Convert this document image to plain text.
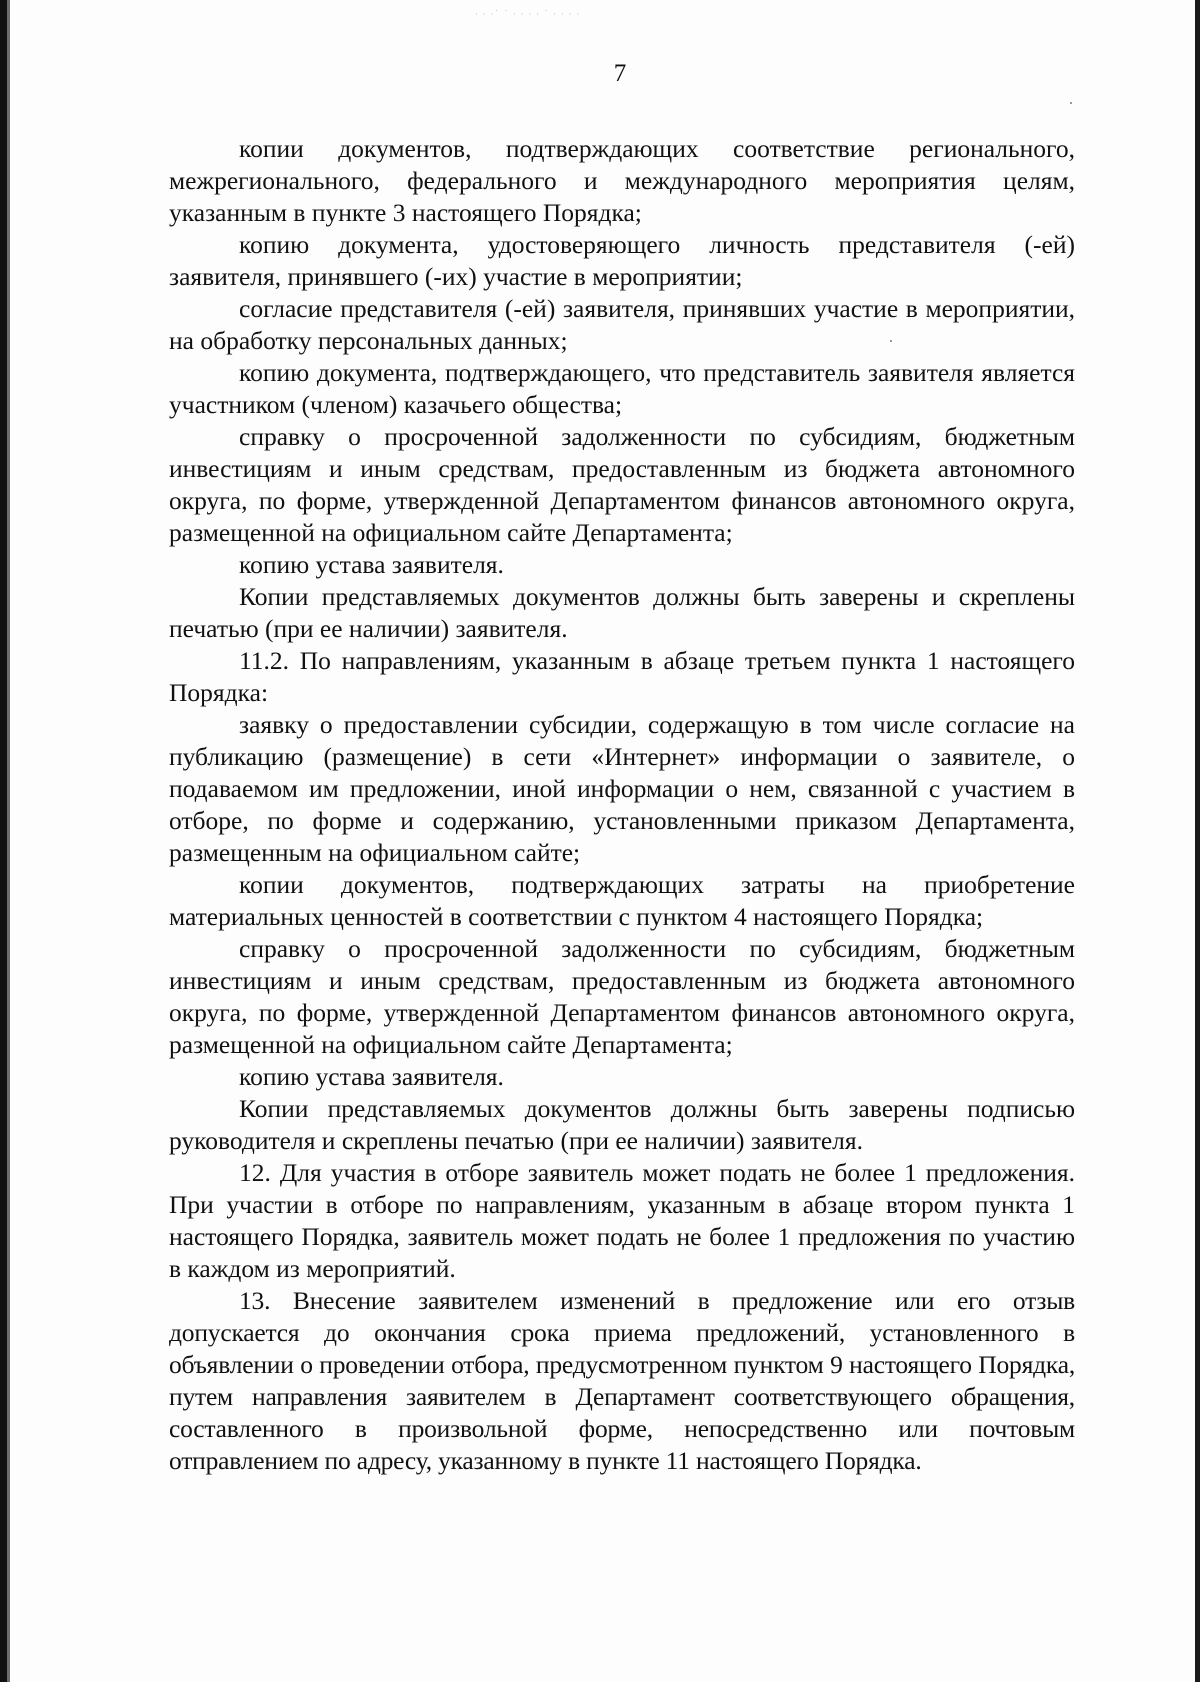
· · ·˙ ˙ · · · · ˙ · · · ·
7

копии документов, подтверждающих соответствие регионального, межрегионального, федерального и международного мероприятия целям, указанным в пункте 3 настоящего Порядка;

копию документа, удостоверяющего личность представителя (-ей) заявителя, принявшего (-их) участие в мероприятии;

согласие представителя (-ей) заявителя, принявших участие в мероприятии, на обработку персональных данных;

копию документа, подтверждающего, что представитель заявителя является участником (членом) казачьего общества;

справку о просроченной задолженности по субсидиям, бюджетным инвестициям и иным средствам, предоставленным из бюджета автономного округа, по форме, утвержденной Департаментом финансов автономного округа, размещенной на официальном сайте Департамента;

копию устава заявителя.

Копии представляемых документов должны быть заверены и скреплены печатью (при ее наличии) заявителя.

11.2. По направлениям, указанным в абзаце третьем пункта 1 настоящего Порядка:

заявку о предоставлении субсидии, содержащую в том числе согласие на публикацию (размещение) в сети «Интернет» информации о заявителе, о подаваемом им предложении, иной информации о нем, связанной с участием в отборе, по форме и содержанию, установленными приказом Департамента, размещенным на официальном сайте;

копии документов, подтверждающих затраты на приобретение материальных ценностей в соответствии с пунктом 4 настоящего Порядка;

справку о просроченной задолженности по субсидиям, бюджетным инвестициям и иным средствам, предоставленным из бюджета автономного округа, по форме, утвержденной Департаментом финансов автономного округа, размещенной на официальном сайте Департамента;

копию устава заявителя.

Копии представляемых документов должны быть заверены подписью руководителя и скреплены печатью (при ее наличии) заявителя.

12. Для участия в отборе заявитель может подать не более 1 предложения. При участии в отборе по направлениям, указанным в абзаце втором пункта 1 настоящего Порядка, заявитель может подать не более 1 предложения по участию в каждом из мероприятий.

13. Внесение заявителем изменений в предложение или его отзыв допускается до окончания срока приема предложений, установленного в объявлении о проведении отбора, предусмотренном пунктом 9 настоящего Порядка, путем направления заявителем в Департамент соответствующего обращения, составленного в произвольной форме, непосредственно или почтовым отправлением по адресу, указанному в пункте 11 настоящего Порядка.
